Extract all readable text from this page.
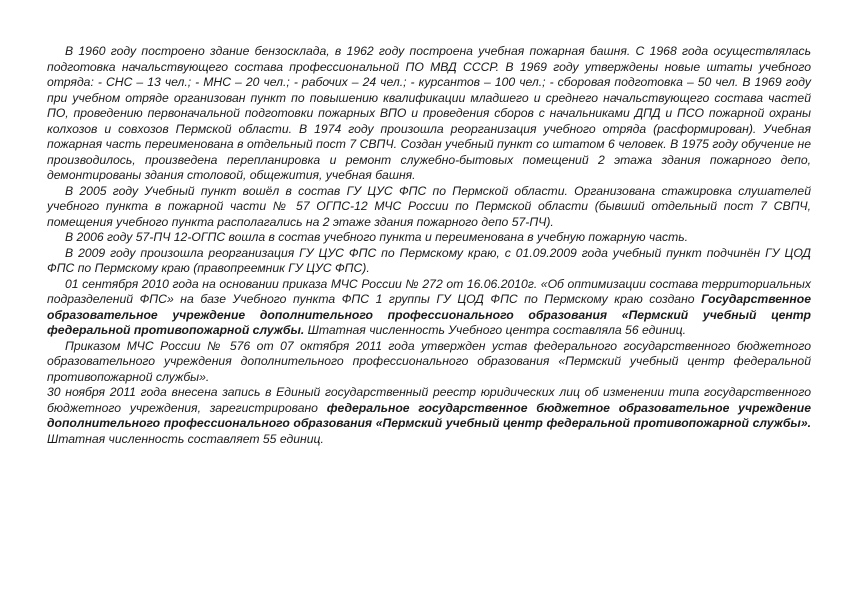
В 1960 году построено здание бензосклада, в 1962 году построена учебная пожарная башня. С 1968 года осуществлялась подготовка начальствующего состава профессиональной ПО МВД СССР. В 1969 году утверждены новые штаты учебного отряда: - СНС – 13 чел.; - МНС – 20 чел.; - рабочих – 24 чел.; - курсантов – 100 чел.; - сборовая подготовка – 50 чел. В 1969 году при учебном отряде организован пункт по повышению квалификации младшего и среднего начальствующего состава частей ПО, проведению первоначальной подготовки пожарных ВПО и проведения сборов с начальниками ДПД и ПСО пожарной охраны колхозов и совхозов Пермской области. В 1974 году произошла реорганизация учебного отряда (расформирован). Учебная пожарная часть переименована в отдельный пост 7 СВПЧ. Создан учебный пункт со штатом 6 человек. В 1975 году обучение не производилось, произведена перепланировка и ремонт служебно-бытовых помещений 2 этажа здания пожарного депо, демонтированы здания столовой, общежития, учебная башня.

В 2005 году Учебный пункт вошёл в состав ГУ ЦУС ФПС по Пермской области. Организована стажировка слушателей учебного пункта в пожарной части № 57 ОГПС-12 МЧС России по Пермской области (бывший отдельный пост 7 СВПЧ, помещения учебного пункта располагались на 2 этаже здания пожарного депо 57-ПЧ).

В 2006 году 57-ПЧ 12-ОГПС вошла в состав учебного пункта и переименована в учебную пожарную часть.

В 2009 году произошла реорганизация ГУ ЦУС ФПС по Пермскому краю, с 01.09.2009 года учебный пункт подчинён ГУ ЦОД ФПС по Пермскому краю (правопреемник ГУ ЦУС ФПС).

01 сентября 2010 года на основании приказа МЧС России № 272 от 16.06.2010г. «Об оптимизации состава территориальных подразделений ФПС» на базе Учебного пункта ФПС 1 группы ГУ ЦОД ФПС по Пермскому краю создано Государственное образовательное учреждение дополнительного профессионального образования «Пермский учебный центр федеральной противопожарной службы. Штатная численность Учебного центра составляла 56 единиц.

Приказом МЧС России № 576 от 07 октября 2011 года утвержден устав федерального государственного бюджетного образовательного учреждения дополнительного профессионального образования «Пермский учебный центр федеральной противопожарной службы».

30 ноября 2011 года внесена запись в Единый государственный реестр юридических лиц об изменении типа государственного бюджетного учреждения, зарегистрировано федеральное государственное бюджетное образовательное учреждение дополнительного профессионального образования «Пермский учебный центр федеральной противопожарной службы». Штатная численность составляет 55 единиц.
